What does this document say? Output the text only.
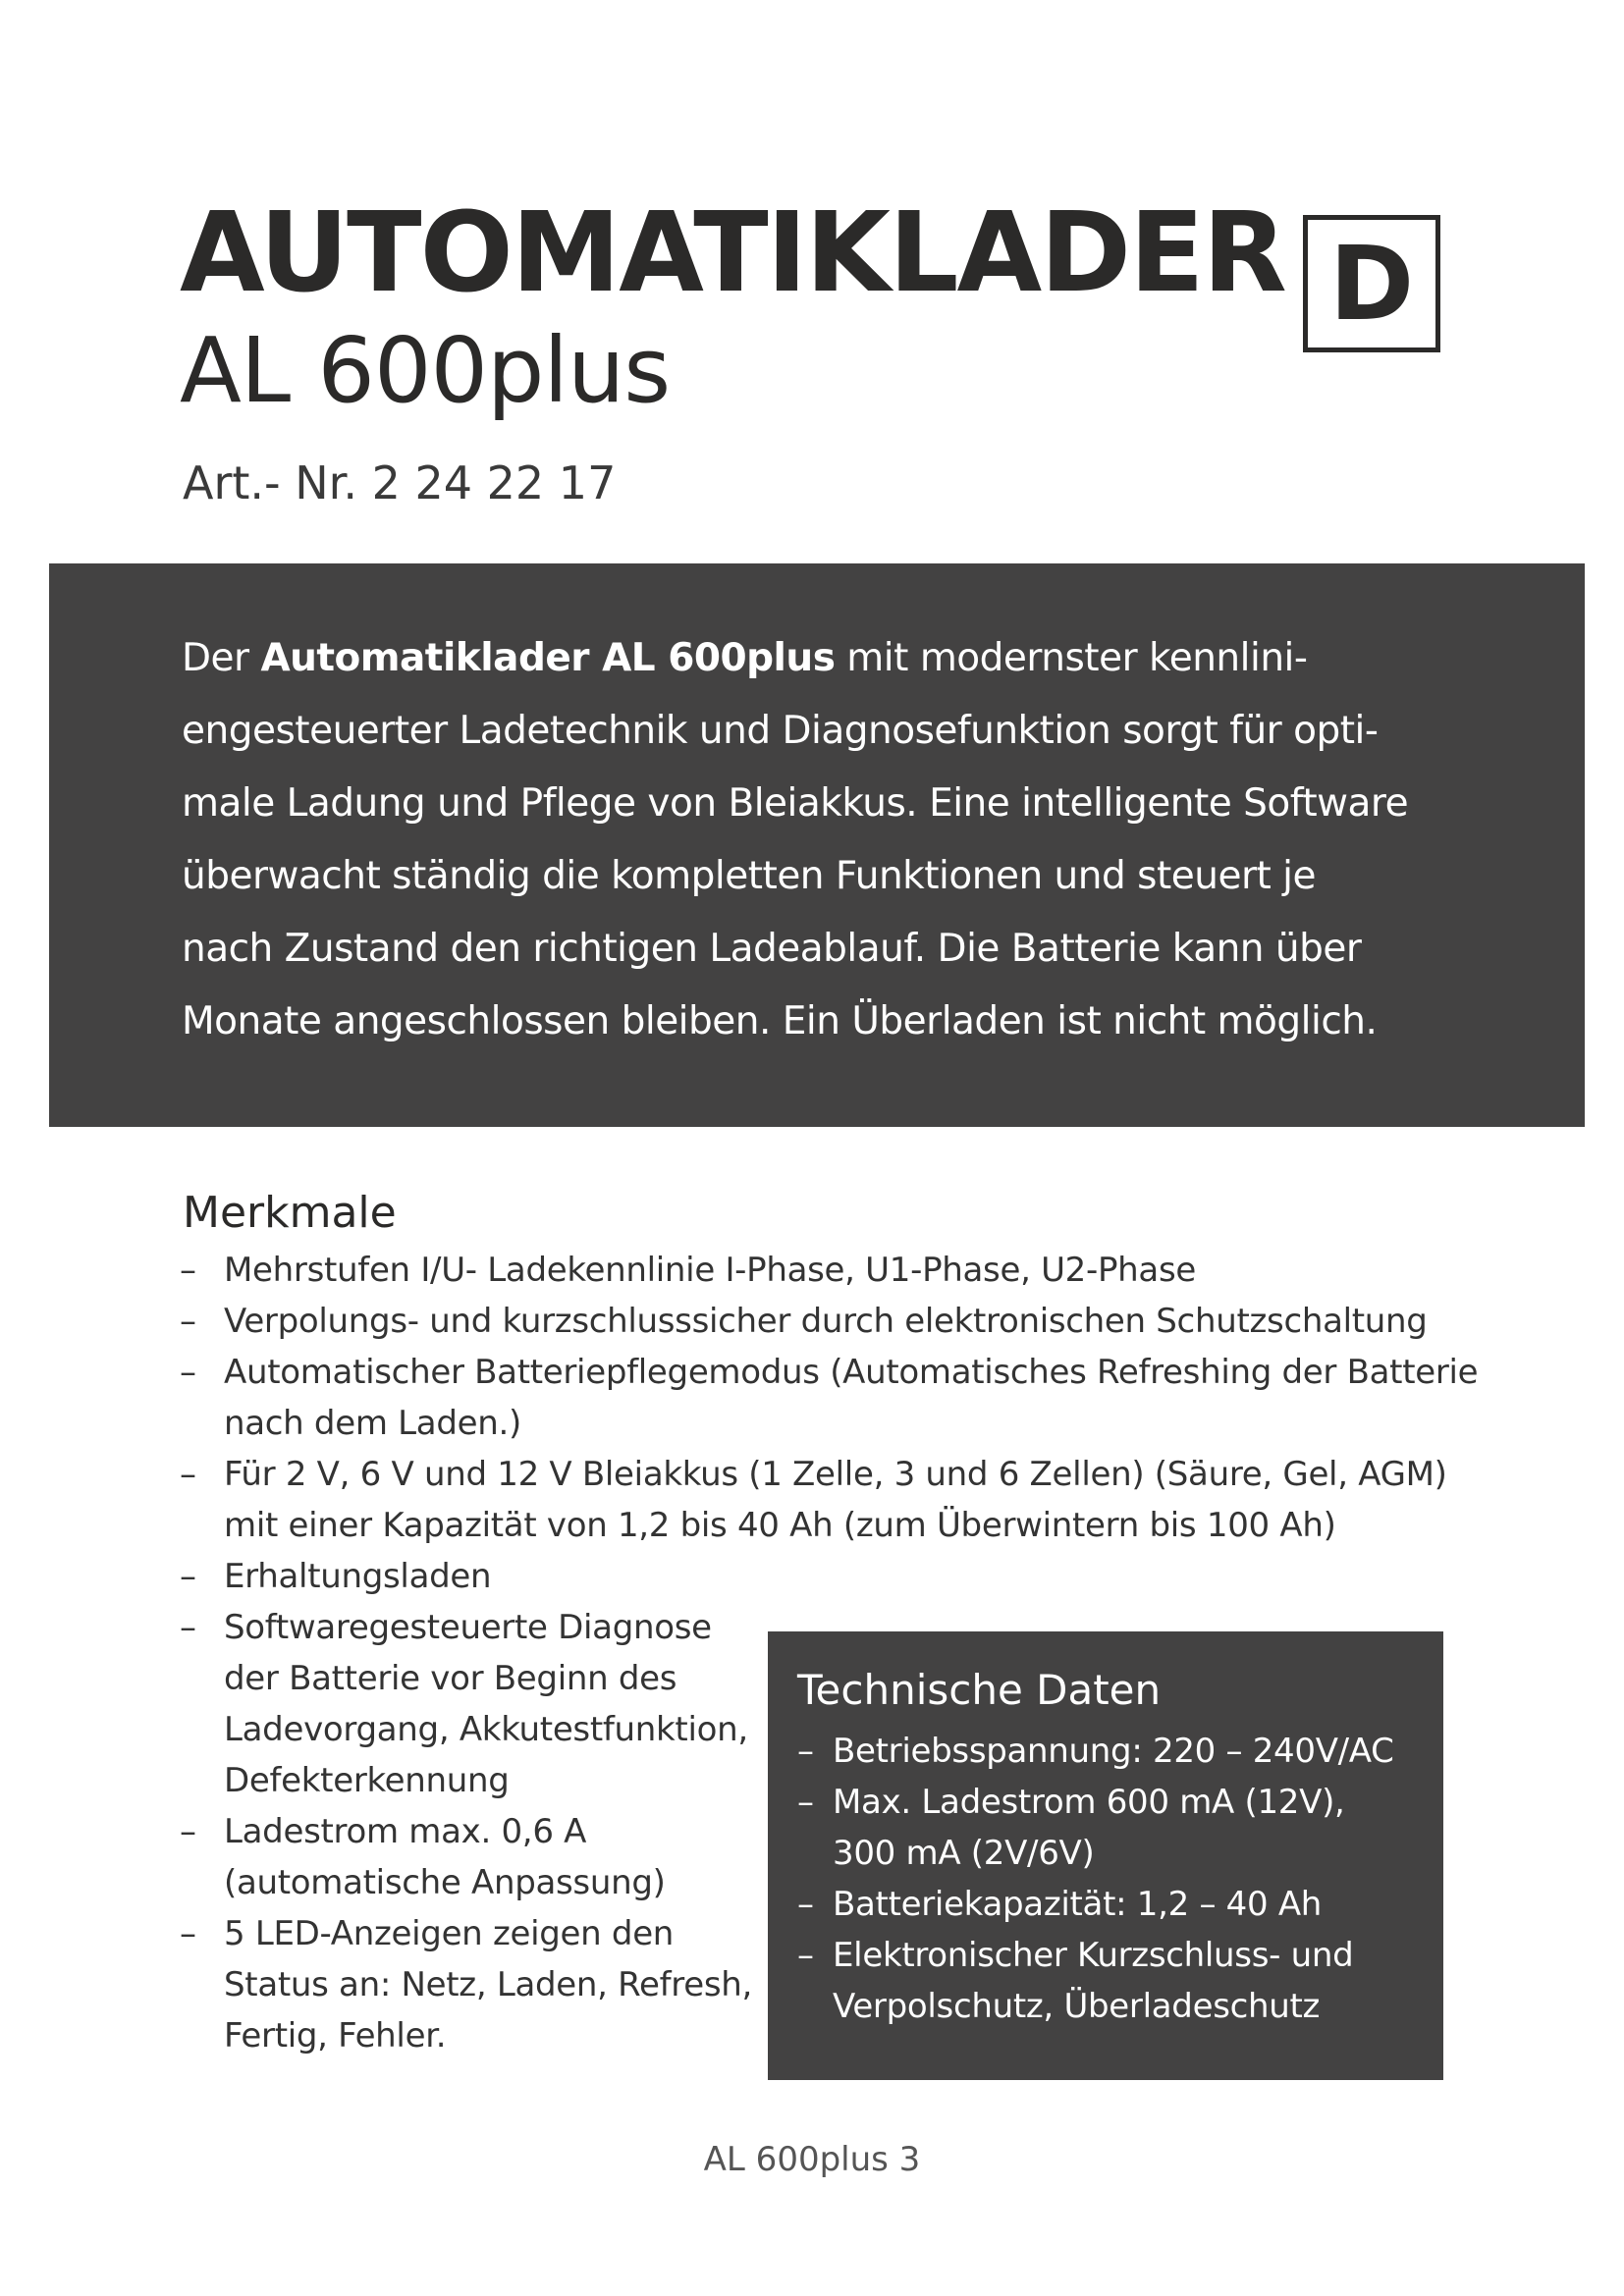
AUTOMATIKLADER
AL 600plus
D
Art.- Nr. 2 24 22 17

Der Automatiklader AL 600plus mit modernster kennlini-
engesteuerter Ladetechnik und Diagnosefunktion sorgt für opti-
male Ladung und Pflege von Bleiakkus. Eine intelligente Software
überwacht ständig die kompletten Funktionen und steuert je
nach Zustand den richtigen Ladeablauf. Die Batterie kann über
Monate angeschlossen bleiben. Ein Überladen ist nicht möglich.

Merkmale
– Mehrstufen I/U- Ladekennlinie I-Phase, U1-Phase, U2-Phase
– Verpolungs- und kurzschlusssicher durch elektronischen Schutzschaltung
– Automatischer Batteriepflegemodus (Automatisches Refreshing der Batterie
nach dem Laden.)
– Für 2 V, 6 V und 12 V Bleiakkus (1 Zelle, 3 und 6 Zellen) (Säure, Gel, AGM)
mit einer Kapazität von 1,2 bis 40 Ah (zum Überwintern bis 100 Ah)
– Erhaltungsladen
– Softwaregesteuerte Diagnose
der Batterie vor Beginn des
Ladevorgang, Akkutestfunktion,
Defekterkennung
– Ladestrom max. 0,6 A
(automatische Anpassung)
– 5 LED-Anzeigen zeigen den
Status an: Netz, Laden, Refresh,
Fertig, Fehler.
Technische Daten
– Betriebsspannung: 220 – 240V/AC
– Max. Ladestrom 600 mA (12V),
300 mA (2V/6V)
– Batteriekapazität: 1,2 – 40 Ah
– Elektronischer Kurzschluss- und
Verpolschutz, Überladeschutz
AL 600plus 3
